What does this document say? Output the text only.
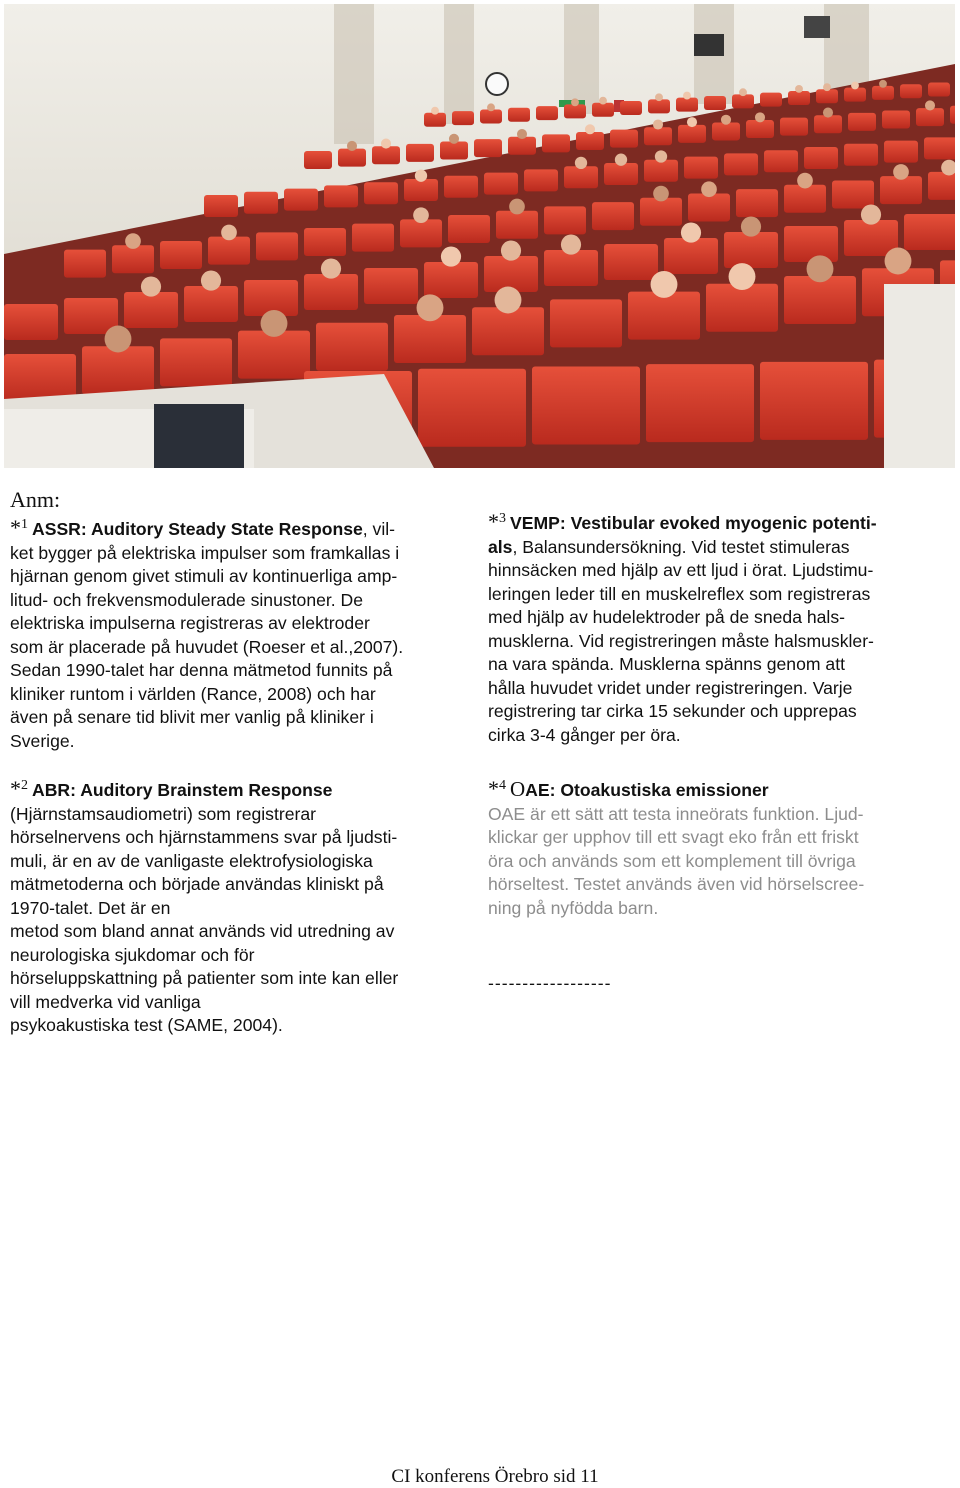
Anm:
*$^1$ ASSR: Auditory Steady State Response, vil-
ket bygger på elektriska impulser som framkallas i
hjärnan genom givet stimuli av kontinuerliga amp-
litud- och frekvensmodulerade sinustoner. De
elektriska impulserna registreras av elektroder
som är placerade på huvudet (Roeser et al.,2007).
Sedan 1990-talet har denna mätmetod funnits på
kliniker runtom i världen (Rance, 2008) och har
även på senare tid blivit mer vanlig på kliniker i
Sverige.
*$^2$ ABR: Auditory Brainstem Response
(Hjärnstamsaudiometri) som registrerar
hörselnervens och hjärnstammens svar på ljudsti-
muli, är en av de vanligaste elektrofysiologiska
mätmetoderna och började användas kliniskt på
1970-talet. Det är en
metod som bland annat används vid utredning av
neurologiska sjukdomar och för
hörseluppskattning på patienter som inte kan eller
vill medverka vid vanliga
psykoakustiska test (SAME, 2004).
*$^3$ VEMP: Vestibular evoked myogenic potenti-
als, Balansundersökning. Vid testet stimuleras
hinnsäcken med hjälp av ett ljud i örat. Ljudstimu-
leringen leder till en muskelreflex som registreras
med hjälp av hudelektroder på de sneda hals-
musklerna. Vid registreringen måste halsmuskler-
na vara spända. Musklerna spänns genom att
hålla huvudet vridet under registreringen. Varje
registrering tar cirka 15 sekunder och upprepas
cirka 3-4 gånger per öra.
*$^4$ OAE: Otoakustiska emissioner
OAE är ett sätt att testa inneörats funktion. Ljud-
klickar ger upphov till ett svagt eko från ett friskt
öra och används som ett komplement till övriga
hörseltest. Testet används även vid hörselscree-
ning på nyfödda barn.
------------------
CI konferens Örebro sid 11
